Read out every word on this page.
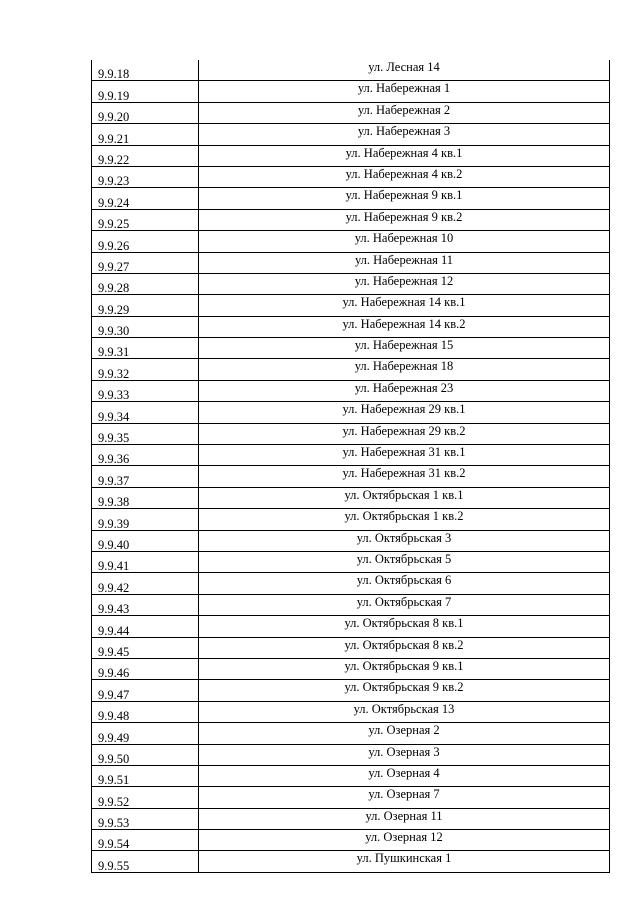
9.9.18	ул. Лесная 14
9.9.19	ул. Набережная 1
9.9.20	ул. Набережная 2
9.9.21	ул. Набережная 3
9.9.22	ул. Набережная 4 кв.1
9.9.23	ул. Набережная 4 кв.2
9.9.24	ул. Набережная 9 кв.1
9.9.25	ул. Набережная 9 кв.2
9.9.26	ул. Набережная 10
9.9.27	ул. Набережная 11
9.9.28	ул. Набережная 12
9.9.29	ул. Набережная 14 кв.1
9.9.30	ул. Набережная 14 кв.2
9.9.31	ул. Набережная 15
9.9.32	ул. Набережная 18
9.9.33	ул. Набережная 23
9.9.34	ул. Набережная 29 кв.1
9.9.35	ул. Набережная 29 кв.2
9.9.36	ул. Набережная 31 кв.1
9.9.37	ул. Набережная 31 кв.2
9.9.38	ул. Октябрьская 1 кв.1
9.9.39	ул. Октябрьская 1 кв.2
9.9.40	ул. Октябрьская 3
9.9.41	ул. Октябрьская 5
9.9.42	ул. Октябрьская 6
9.9.43	ул. Октябрьская 7
9.9.44	ул. Октябрьская 8 кв.1
9.9.45	ул. Октябрьская 8 кв.2
9.9.46	ул. Октябрьская 9 кв.1
9.9.47	ул. Октябрьская 9 кв.2
9.9.48	ул. Октябрьская 13
9.9.49	ул. Озерная 2
9.9.50	ул. Озерная 3
9.9.51	ул. Озерная 4
9.9.52	ул. Озерная 7
9.9.53	ул. Озерная 11
9.9.54	ул. Озерная 12
9.9.55	ул. Пушкинская 1
